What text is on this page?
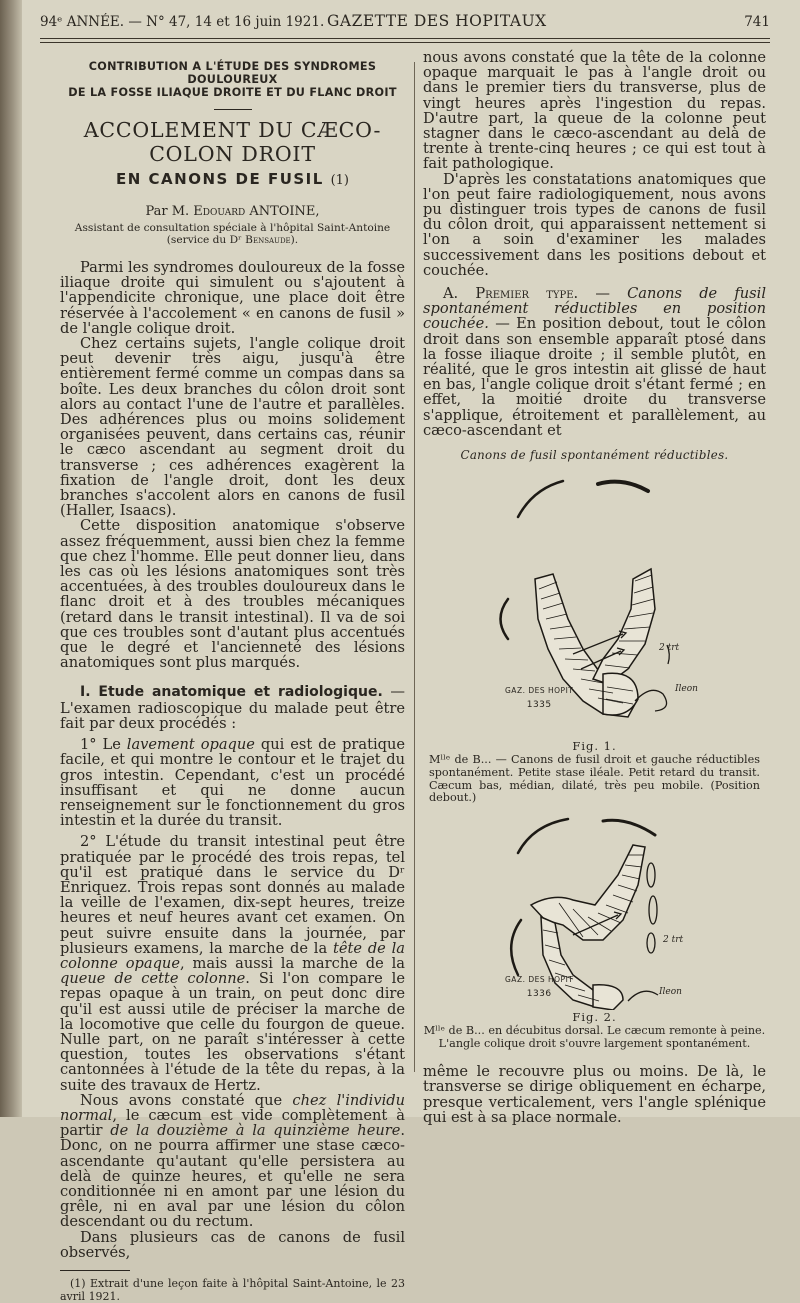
94ᵉ ANNÉE. — N° 47, 14 et 16 juin 1921. GAZETTE DES HOPITAUX	741
CONTRIBUTION A L'ÉTUDE DES SYNDROMES DOULOUREUX
DE LA FOSSE ILIAQUE DROITE ET DU FLANC DROIT
ACCOLEMENT DU CÆCO-COLON DROIT
EN CANONS DE FUSIL (1)
Par M. Edouard ANTOINE,
Assistant de consultation spéciale à l'hôpital Saint-Antoine
(service du Dʳ Bensaude).

Parmi les syndromes douloureux de la fosse iliaque droite qui simulent ou s'ajoutent à l'appendicite chronique, une place doit être réservée à l'accolement « en canons de fusil » de l'angle colique droit.

Chez certains sujets, l'angle colique droit peut devenir très aigu, jusqu'à être entièrement fermé comme un compas dans sa boîte. Les deux branches du côlon droit sont alors au contact l'une de l'autre et parallèles. Des adhérences plus ou moins solidement organisées peuvent, dans certains cas, réunir le cæco ascendant au segment droit du transverse ; ces adhérences exagèrent la fixation de l'angle droit, dont les deux branches s'accolent alors en canons de fusil (Haller, Isaacs).

Cette disposition anatomique s'observe assez fréquemment, aussi bien chez la femme que chez l'homme. Elle peut donner lieu, dans les cas où les lésions anatomiques sont très accentuées, à des troubles douloureux dans le flanc droit et à des troubles mécaniques (retard dans le transit intestinal). Il va de soi que ces troubles sont d'autant plus accentués que le degré et l'ancienneté des lésions anatomiques sont plus marqués.

I. Etude anatomique et radiologique. — L'examen radioscopique du malade peut être fait par deux procédés :

1° Le lavement opaque qui est de pratique facile, et qui montre le contour et le trajet du gros intestin. Cependant, c'est un procédé insuffisant et qui ne donne aucun renseignement sur le fonctionnement du gros intestin et la durée du transit.

2° L'étude du transit intestinal peut être pratiquée par le procédé des trois repas, tel qu'il est pratiqué dans le service du Dʳ Enriquez. Trois repas sont donnés au malade la veille de l'examen, dix-sept heures, treize heures et neuf heures avant cet examen. On peut suivre ensuite dans la journée, par plusieurs examens, la marche de la tête de la colonne opaque, mais aussi la marche de la queue de cette colonne. Si l'on compare le repas opaque à un train, on peut donc dire qu'il est aussi utile de préciser la marche de la locomotive que celle du fourgon de queue. Nulle part, on ne paraît s'intéresser à cette question, toutes les observations s'étant cantonnées à l'étude de la tête du repas, à la suite des travaux de Hertz.

Nous avons constaté que chez l'individu normal, le cæcum est vide complètement à partir de la douzième à la quinzième heure. Donc, on ne pourra affirmer une stase cæco-ascendante qu'autant qu'elle persistera au delà de quinze heures, et qu'elle ne sera conditionnée ni en amont par une lésion du grêle, ni en aval par une lésion du côlon descendant ou du rectum.

Dans plusieurs cas de canons de fusil observés,

(1) Extrait d'une leçon faite à l'hôpital Saint-Antoine, le 23 avril 1921.

nous avons constaté que la tête de la colonne opaque marquait le pas à l'angle droit ou dans le premier tiers du transverse, plus de vingt heures après l'ingestion du repas. D'autre part, la queue de la colonne peut stagner dans le cæco-ascendant au delà de trente à trente-cinq heures ; ce qui est tout à fait pathologique.

D'après les constatations anatomiques que l'on peut faire radiologiquement, nous avons pu distinguer trois types de canons de fusil du côlon droit, qui apparaissent nettement si l'on a soin d'examiner les malades successivement dans les positions debout et couchée.

A. Premier type. — Canons de fusil spontanément réductibles en position couchée. — En position debout, tout le côlon droit dans son ensemble apparaît ptosé dans la fosse iliaque droite ; il semble plutôt, en réalité, que le gros intestin ait glissé de haut en bas, l'angle colique droit s'étant fermé ; en effet, la moitié droite du transverse s'applique, étroitement et parallèlement, au cæco-ascendant et

Canons de fusil spontanément réductibles.
GAZ. DES HOPIT
1335
2 trt
Ileon
Fig. 1.
Mˡˡᵉ de B... — Canons de fusil droit et gauche réductibles spontanément. Petite stase iléale. Petit retard du transit. Cæcum bas, médian, dilaté, très peu mobile. (Position debout.)
GAZ. DES HOPIT
1336
2 trt
Ileon
Fig. 2.
Mˡˡᵉ de B... en décubitus dorsal. Le cæcum remonte à peine.
L'angle colique droit s'ouvre largement spontanément.

même le recouvre plus ou moins. De là, le transverse se dirige obliquement en écharpe, presque verticalement, vers l'angle splénique qui est à sa place normale.
